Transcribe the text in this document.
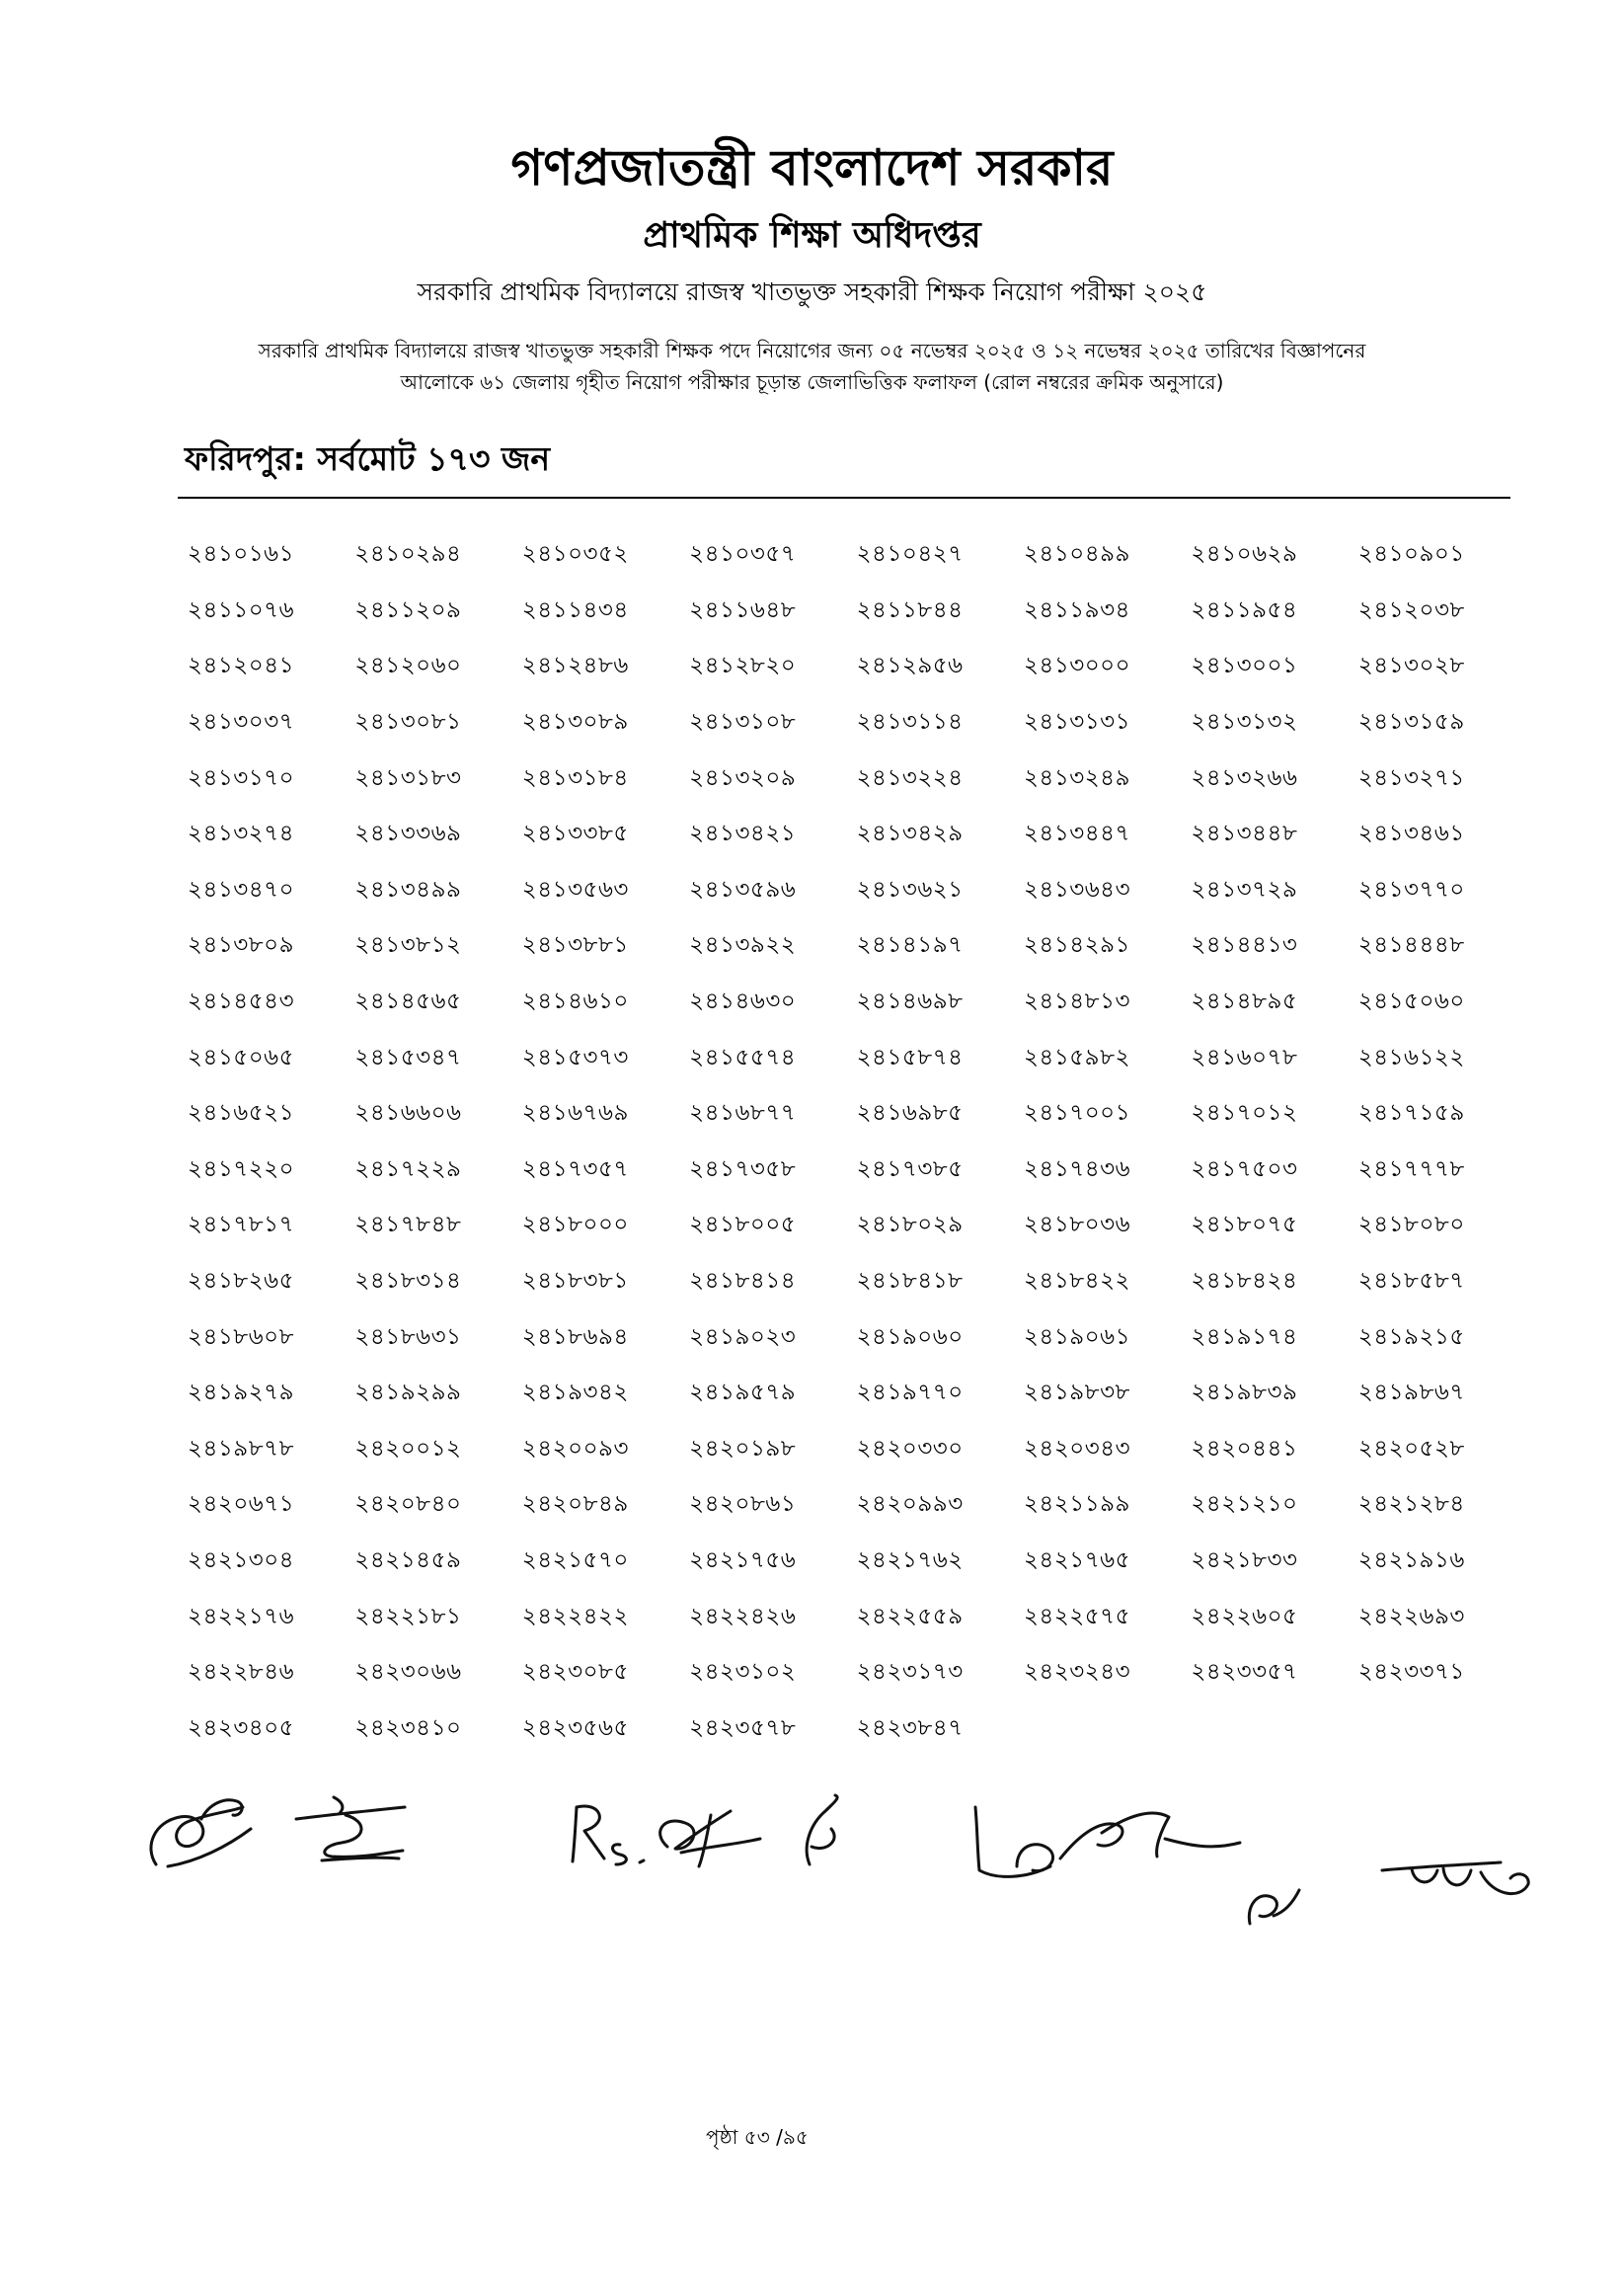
গণপ্রজাতন্ত্রী বাংলাদেশ সরকার
প্রাথমিক শিক্ষা অধিদপ্তর
সরকারি প্রাথমিক বিদ্যালয়ে রাজস্ব খাতভুক্ত সহকারী শিক্ষক নিয়োগ পরীক্ষা ২০২৫
সরকারি প্রাথমিক বিদ্যালয়ে রাজস্ব খাতভুক্ত সহকারী শিক্ষক পদে নিয়োগের জন্য ০৫ নভেম্বর ২০২৫ ও ১২ নভেম্বর ২০২৫ তারিখের বিজ্ঞাপনের
আলোকে ৬১ জেলায় গৃহীত নিয়োগ পরীক্ষার চূড়ান্ত জেলাভিত্তিক ফলাফল (রোল নম্বরের ক্রমিক অনুসারে)
ফরিদপুর: সর্বমোট ১৭৩ জন
২৪১০১৬১	২৪১০২৯৪	২৪১০৩৫২	২৪১০৩৫৭	২৪১০৪২৭	২৪১০৪৯৯	২৪১০৬২৯	২৪১০৯০১
২৪১১০৭৬	২৪১১২০৯	২৪১১৪৩৪	২৪১১৬৪৮	২৪১১৮৪৪	২৪১১৯৩৪	২৪১১৯৫৪	২৪১২০৩৮
২৪১২০৪১	২৪১২০৬০	২৪১২৪৮৬	২৪১২৮২০	২৪১২৯৫৬	২৪১৩০০০	২৪১৩০০১	২৪১৩০২৮
২৪১৩০৩৭	২৪১৩০৮১	২৪১৩০৮৯	২৪১৩১০৮	২৪১৩১১৪	২৪১৩১৩১	২৪১৩১৩২	২৪১৩১৫৯
২৪১৩১৭০	২৪১৩১৮৩	২৪১৩১৮৪	২৪১৩২০৯	২৪১৩২২৪	২৪১৩২৪৯	২৪১৩২৬৬	২৪১৩২৭১
২৪১৩২৭৪	২৪১৩৩৬৯	২৪১৩৩৮৫	২৪১৩৪২১	২৪১৩৪২৯	২৪১৩৪৪৭	২৪১৩৪৪৮	২৪১৩৪৬১
২৪১৩৪৭০	২৪১৩৪৯৯	২৪১৩৫৬৩	২৪১৩৫৯৬	২৪১৩৬২১	২৪১৩৬৪৩	২৪১৩৭২৯	২৪১৩৭৭০
২৪১৩৮০৯	২৪১৩৮১২	২৪১৩৮৮১	২৪১৩৯২২	২৪১৪১৯৭	২৪১৪২৯১	২৪১৪৪১৩	২৪১৪৪৪৮
২৪১৪৫৪৩	২৪১৪৫৬৫	২৪১৪৬১০	২৪১৪৬৩০	২৪১৪৬৯৮	২৪১৪৮১৩	২৪১৪৮৯৫	২৪১৫০৬০
২৪১৫০৬৫	২৪১৫৩৪৭	২৪১৫৩৭৩	২৪১৫৫৭৪	২৪১৫৮৭৪	২৪১৫৯৮২	২৪১৬০৭৮	২৪১৬১২২
২৪১৬৫২১	২৪১৬৬০৬	২৪১৬৭৬৯	২৪১৬৮৭৭	২৪১৬৯৮৫	২৪১৭০০১	২৪১৭০১২	২৪১৭১৫৯
২৪১৭২২০	২৪১৭২২৯	২৪১৭৩৫৭	২৪১৭৩৫৮	২৪১৭৩৮৫	২৪১৭৪৩৬	২৪১৭৫০৩	২৪১৭৭৭৮
২৪১৭৮১৭	২৪১৭৮৪৮	২৪১৮০০০	২৪১৮০০৫	২৪১৮০২৯	২৪১৮০৩৬	২৪১৮০৭৫	২৪১৮০৮০
২৪১৮২৬৫	২৪১৮৩১৪	২৪১৮৩৮১	২৪১৮৪১৪	২৪১৮৪১৮	২৪১৮৪২২	২৪১৮৪২৪	২৪১৮৫৮৭
২৪১৮৬০৮	২৪১৮৬৩১	২৪১৮৬৯৪	২৪১৯০২৩	২৪১৯০৬০	২৪১৯০৬১	২৪১৯১৭৪	২৪১৯২১৫
২৪১৯২৭৯	২৪১৯২৯৯	২৪১৯৩৪২	২৪১৯৫৭৯	২৪১৯৭৭০	২৪১৯৮৩৮	২৪১৯৮৩৯	২৪১৯৮৬৭
২৪১৯৮৭৮	২৪২০০১২	২৪২০০৯৩	২৪২০১৯৮	২৪২০৩৩০	২৪২০৩৪৩	২৪২০৪৪১	২৪২০৫২৮
২৪২০৬৭১	২৪২০৮৪০	২৪২০৮৪৯	২৪২০৮৬১	২৪২০৯৯৩	২৪২১১৯৯	২৪২১২১০	২৪২১২৮৪
২৪২১৩০৪	২৪২১৪৫৯	২৪২১৫৭০	২৪২১৭৫৬	২৪২১৭৬২	২৪২১৭৬৫	২৪২১৮৩৩	২৪২১৯১৬
২৪২২১৭৬	২৪২২১৮১	২৪২২৪২২	২৪২২৪২৬	২৪২২৫৫৯	২৪২২৫৭৫	২৪২২৬০৫	২৪২২৬৯৩
২৪২২৮৪৬	২৪২৩০৬৬	২৪২৩০৮৫	২৪২৩১০২	২৪২৩১৭৩	২৪২৩২৪৩	২৪২৩৩৫৭	২৪২৩৩৭১
২৪২৩৪০৫	২৪২৩৪১০	২৪২৩৫৬৫	২৪২৩৫৭৮	২৪২৩৮৪৭
পৃষ্ঠা ৫৩ /৯৫
